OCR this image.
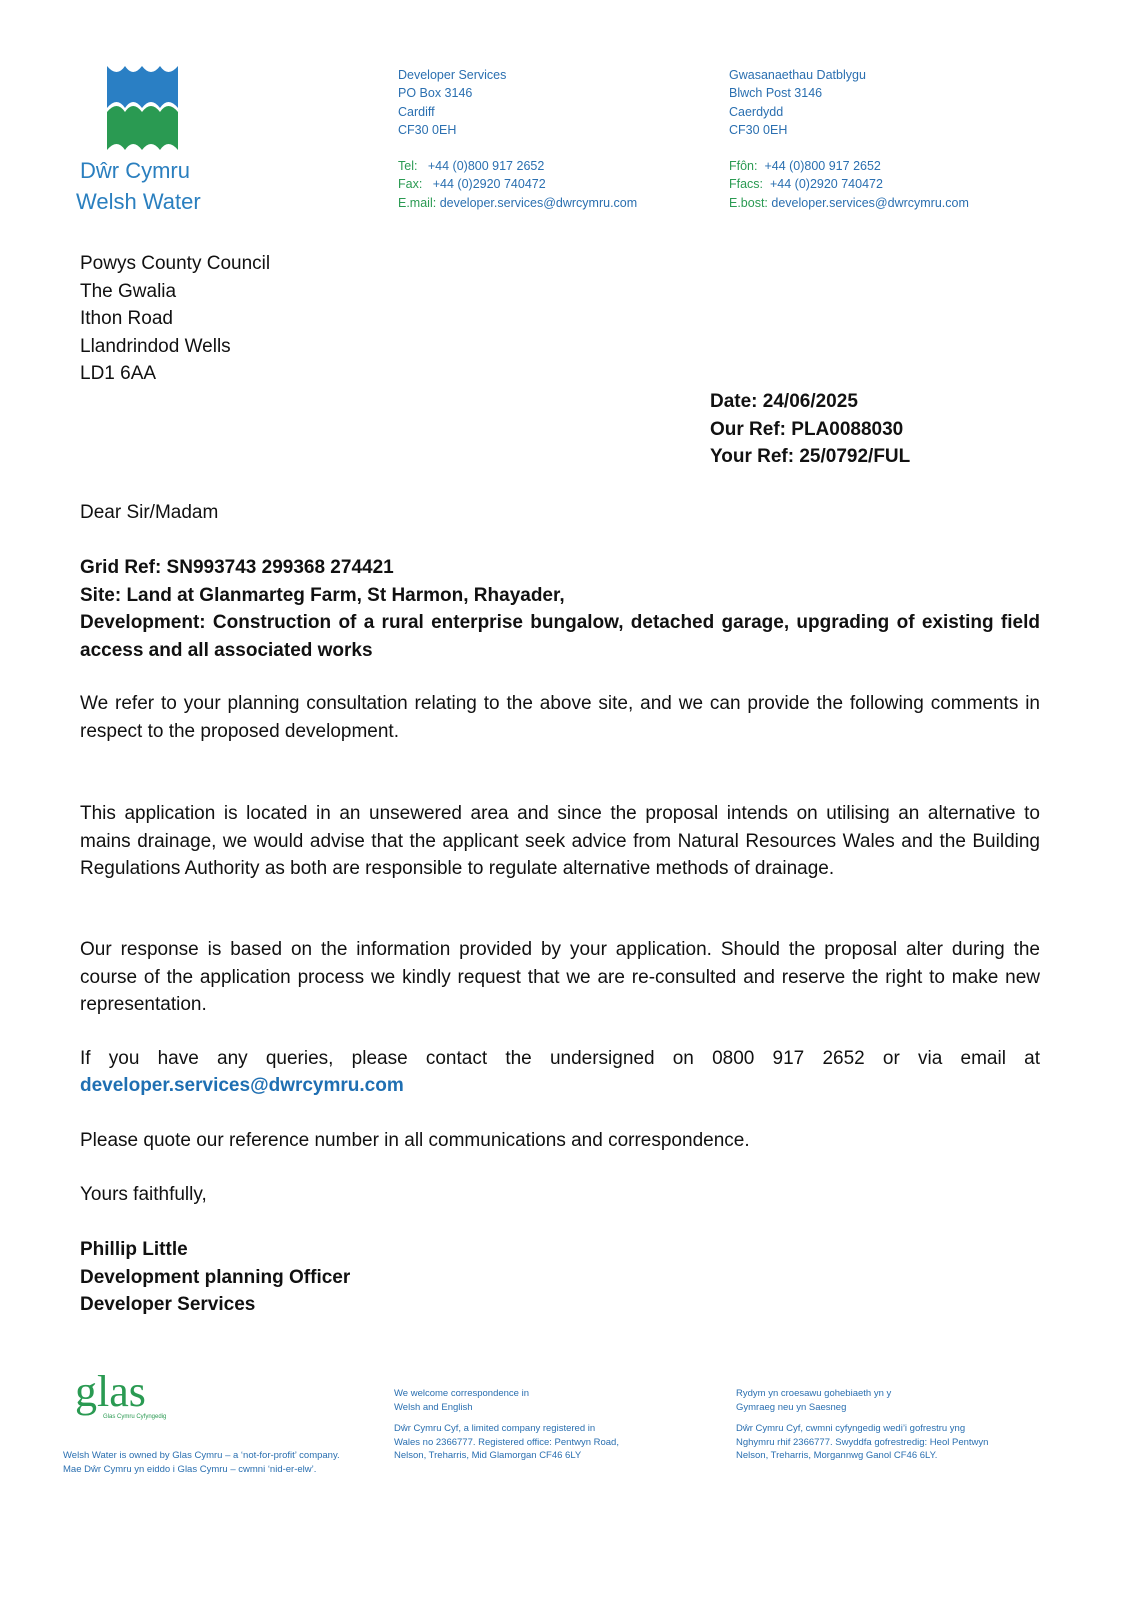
Dŵr Cymru
Welsh Water
Developer Services
PO Box 3146
Cardiff
CF30 0EH
Tel: +44 (0)800 917 2652
Fax: +44 (0)2920 740472
E.mail: developer.services@dwrcymru.com
Gwasanaethau Datblygu
Blwch Post 3146
Caerdydd
CF30 0EH
Ffôn: +44 (0)800 917 2652
Ffacs: +44 (0)2920 740472
E.bost: developer.services@dwrcymru.com
Powys County Council
The Gwalia
Ithon Road
Llandrindod Wells
LD1 6AA
Date: 24/06/2025
Our Ref: PLA0088030
Your Ref: 25/0792/FUL
Dear Sir/Madam
Grid Ref: SN993743 299368 274421
Site: Land at Glanmarteg Farm, St Harmon, Rhayader,
Development: Construction of a rural enterprise bungalow, detached garage, upgrading of existing field access and all associated works
We refer to your planning consultation relating to the above site, and we can provide the following comments in respect to the proposed development.
This application is located in an unsewered area and since the proposal intends on utilising an alternative to mains drainage, we would advise that the applicant seek advice from Natural Resources Wales and the Building Regulations Authority as both are responsible to regulate alternative methods of drainage.
Our response is based on the information provided by your application. Should the proposal alter during the course of the application process we kindly request that we are re-consulted and reserve the right to make new representation.
If you have any queries, please contact the undersigned on 0800 917 2652 or via email at
developer.services@dwrcymru.com
Please quote our reference number in all communications and correspondence.
Yours faithfully,
Phillip Little
Development planning Officer
Developer Services
glas
Glas Cymru Cyfyngedig
Welsh Water is owned by Glas Cymru – a ‘not-for-profit’ company.
Mae Dŵr Cymru yn eiddo i Glas Cymru – cwmni ‘nid-er-elw’.
We welcome correspondence in
Welsh and English
Dŵr Cymru Cyf, a limited company registered in
Wales no 2366777. Registered office: Pentwyn Road,
Nelson, Treharris, Mid Glamorgan CF46 6LY
Rydym yn croesawu gohebiaeth yn y
Gymraeg neu yn Saesneg
Dŵr Cymru Cyf, cwmni cyfyngedig wedi’i gofrestru yng
Nghymru rhif 2366777. Swyddfa gofrestredig: Heol Pentwyn
Nelson, Treharris, Morgannwg Ganol CF46 6LY.
